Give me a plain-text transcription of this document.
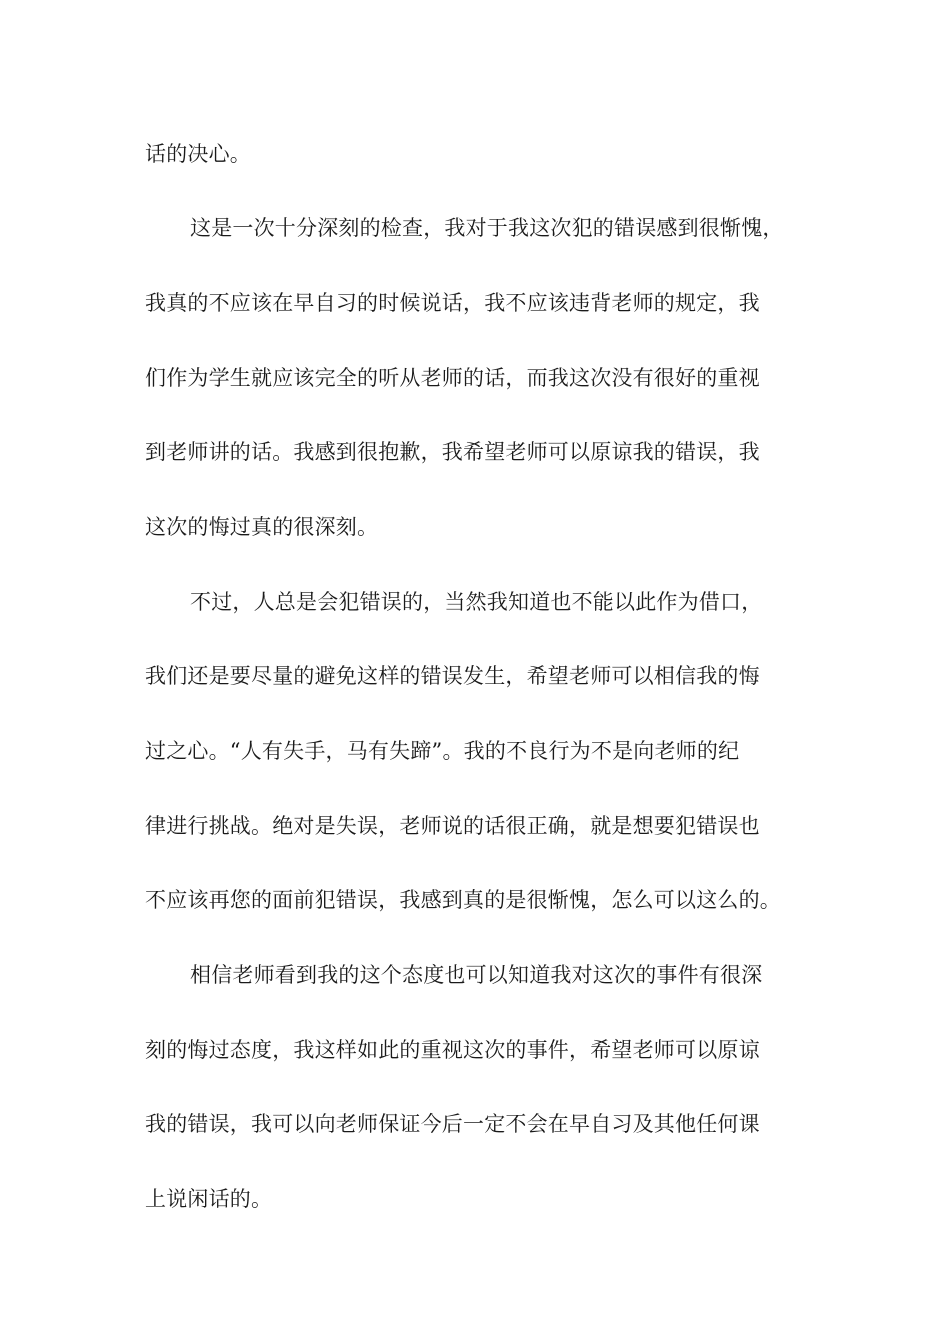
话的决心。

这是一次十分深刻的检查，我对于我这次犯的错误感到很惭愧，

我真的不应该在早自习的时候说话，我不应该违背老师的规定，我

们作为学生就应该完全的听从老师的话，而我这次没有很好的重视

到老师讲的话。我感到很抱歉，我希望老师可以原谅我的错误，我

这次的悔过真的很深刻。

不过，人总是会犯错误的，当然我知道也不能以此作为借口，

我们还是要尽量的避免这样的错误发生，希望老师可以相信我的悔

过之心。“人有失手，马有失蹄”。我的不良行为不是向老师的纪

律进行挑战。绝对是失误，老师说的话很正确，就是想要犯错误也

不应该再您的面前犯错误，我感到真的是很惭愧，怎么可以这么的。

相信老师看到我的这个态度也可以知道我对这次的事件有很深

刻的悔过态度，我这样如此的重视这次的事件，希望老师可以原谅

我的错误，我可以向老师保证今后一定不会在早自习及其他任何课

上说闲话的。
